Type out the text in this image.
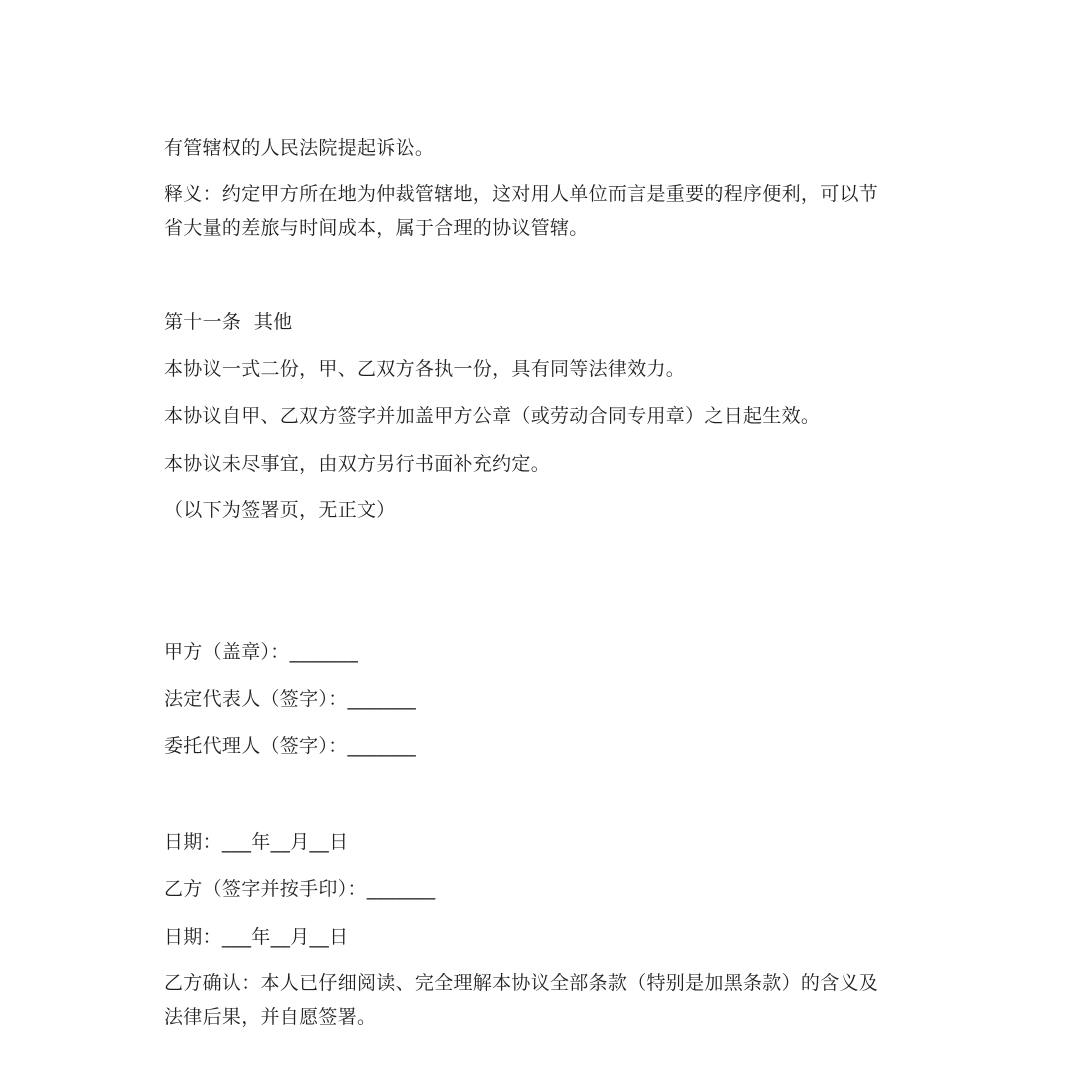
有管辖权的人民法院提起诉讼。
释义：约定甲方所在地为仲裁管辖地，这对用人单位而言是重要的程序便利，可以节
省大量的差旅与时间成本，属于合理的协议管辖。
第十一条  其他
本协议一式二份，甲、乙双方各执一份，具有同等法律效力。
本协议自甲、乙双方签字并加盖甲方公章（或劳动合同专用章）之日起生效。
本协议未尽事宜，由双方另行书面补充约定。
（以下为签署页，无正文）
甲方（盖章）：_______
法定代表人（签字）：_______
委托代理人（签字）：_______
日期：___年__月__日
乙方（签字并按手印）：_______
日期：___年__月__日
乙方确认：本人已仔细阅读、完全理解本协议全部条款（特别是加黑条款）的含义及
法律后果，并自愿签署。
